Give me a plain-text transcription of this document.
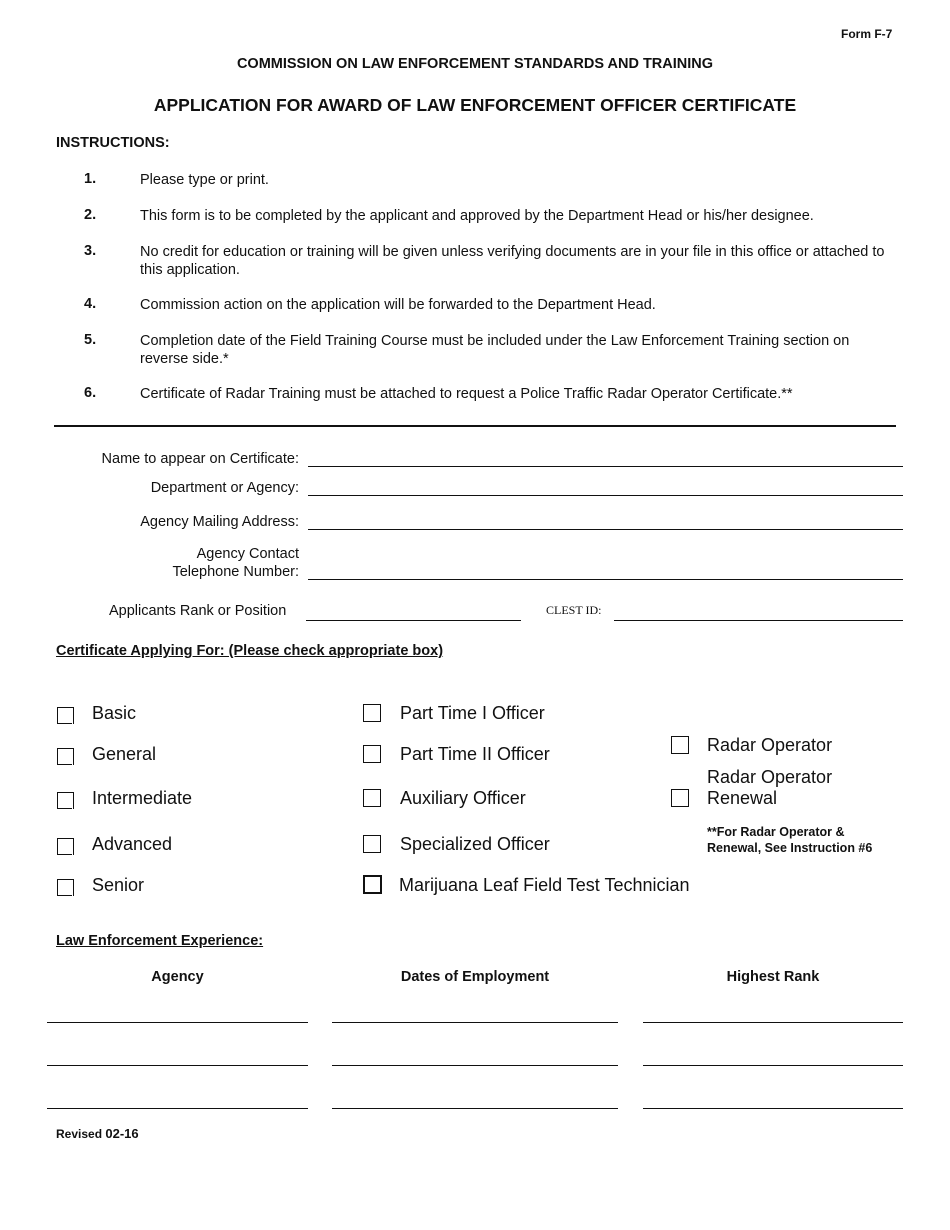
Form F-7
COMMISSION ON LAW ENFORCEMENT STANDARDS AND TRAINING
APPLICATION FOR AWARD OF LAW ENFORCEMENT OFFICER CERTIFICATE
INSTRUCTIONS:
1.	Please type or print.
2.	This form is to be completed by the applicant and approved by the Department Head or his/her designee.
3.	No credit for education or training will be given unless verifying documents are in your file in this office or attached to this application.
4.	Commission action on the application will be forwarded to the Department Head.
5.	Completion date of the Field Training Course must be included under the Law Enforcement Training section on reverse side.*
6.	Certificate of Radar Training must be attached to request a Police Traffic Radar Operator Certificate.**
Name to appear on Certificate:
Department or Agency:
Agency Mailing Address:
Agency Contact
Telephone Number:
Applicants Rank or Position	CLEST ID:
Certificate Applying For: (Please check appropriate box)
Basic
General
Intermediate
Advanced
Senior
Part Time I Officer
Part Time II Officer
Auxiliary Officer
Specialized Officer
Marijuana Leaf Field Test Technician
Radar Operator
Radar Operator
Renewal
**For Radar Operator &
Renewal, See Instruction #6
Law Enforcement Experience:
Agency	Dates of Employment	Highest Rank
Revised 02-16
